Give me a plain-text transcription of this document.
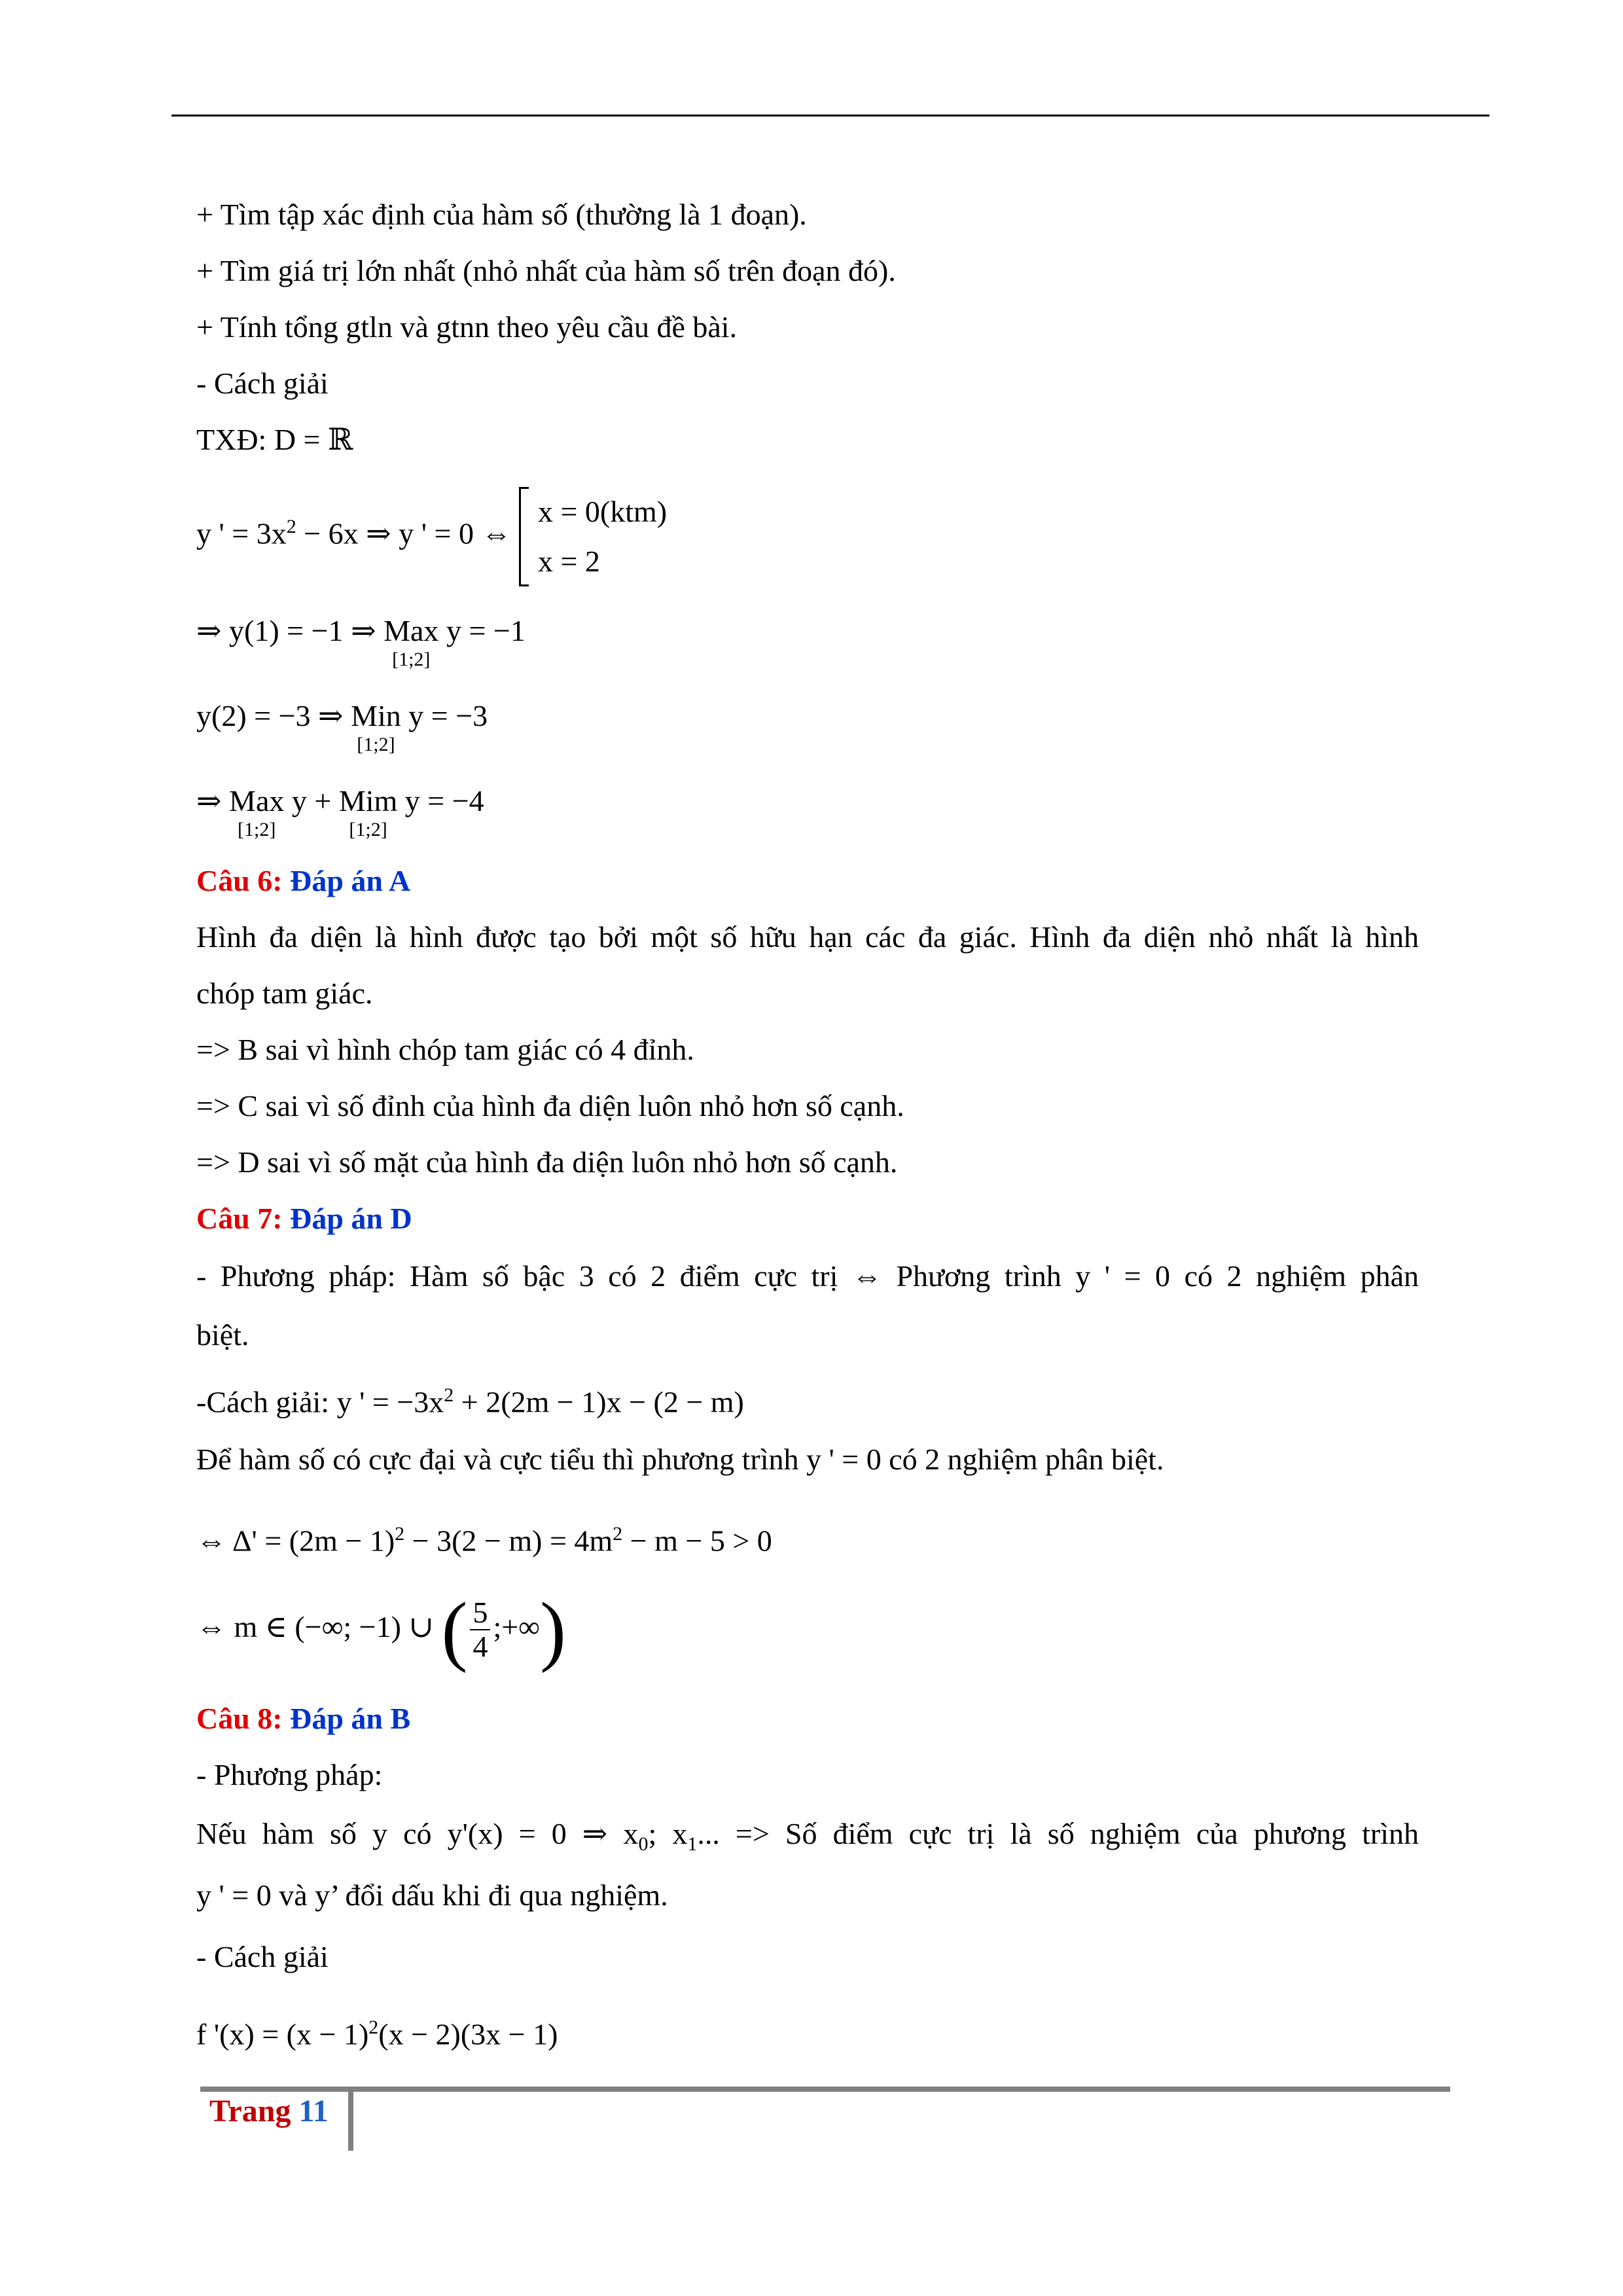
+ Tìm tập xác định của hàm số (thường là 1 đoạn).
+ Tìm giá trị lớn nhất (nhỏ nhất của hàm số trên đoạn đó).
+ Tính tổng gtln và gtnn theo yêu cầu đề bài.
- Cách giải
TXĐ: D = ℝ
y ' = $3x^2 - 6x$ ⇒ y ' = 0 ⇔
x = 0(ktm)
x = 2
⇒ y(1) = −1 ⇒ Max
[1;2]
y = −1
y(2) = −3 ⇒ Min
[1;2]
y = −3
⇒ Max
[1;2]
y + Mim
[1;2]
y = −4
Câu 6: Đáp án A
Hình đa diện là hình được tạo bởi một số hữu hạn các đa giác. Hình đa diện nhỏ nhất là hình
chóp tam giác.
=> B sai vì hình chóp tam giác có 4 đỉnh.
=> C sai vì số đỉnh của hình đa diện luôn nhỏ hơn số cạnh.
=> D sai vì số mặt của hình đa diện luôn nhỏ hơn số cạnh.
Câu 7: Đáp án D
- Phương pháp: Hàm số bậc 3 có 2 điểm cực trị ⇔ Phương trình y ' = 0 có 2 nghiệm phân
biệt.
-Cách giải: y ' = $-3x^2 + 2(2m - 1)x - (2 - m)$
Để hàm số có cực đại và cực tiểu thì phương trình y ' = 0 có 2 nghiệm phân biệt.
⇔ $\Delta' = (2m - 1)^2 - 3(2 - m) = 4m^2 - m - 5 > 0$
⇔ m ∈ (−∞; −1) ∪ ( $\frac{5}{4}$ ;+∞)
Câu 8: Đáp án B
- Phương pháp:
Nếu hàm số y có y'(x) = 0 ⇒ $x_0$; $x_1$... => Số điểm cực trị là số nghiệm của phương trình
y ' = 0 và y’ đổi dấu khi đi qua nghiệm.
- Cách giải
f '$(x) = (x - 1)^2(x - 2)(3x - 1)$
Trang 11
